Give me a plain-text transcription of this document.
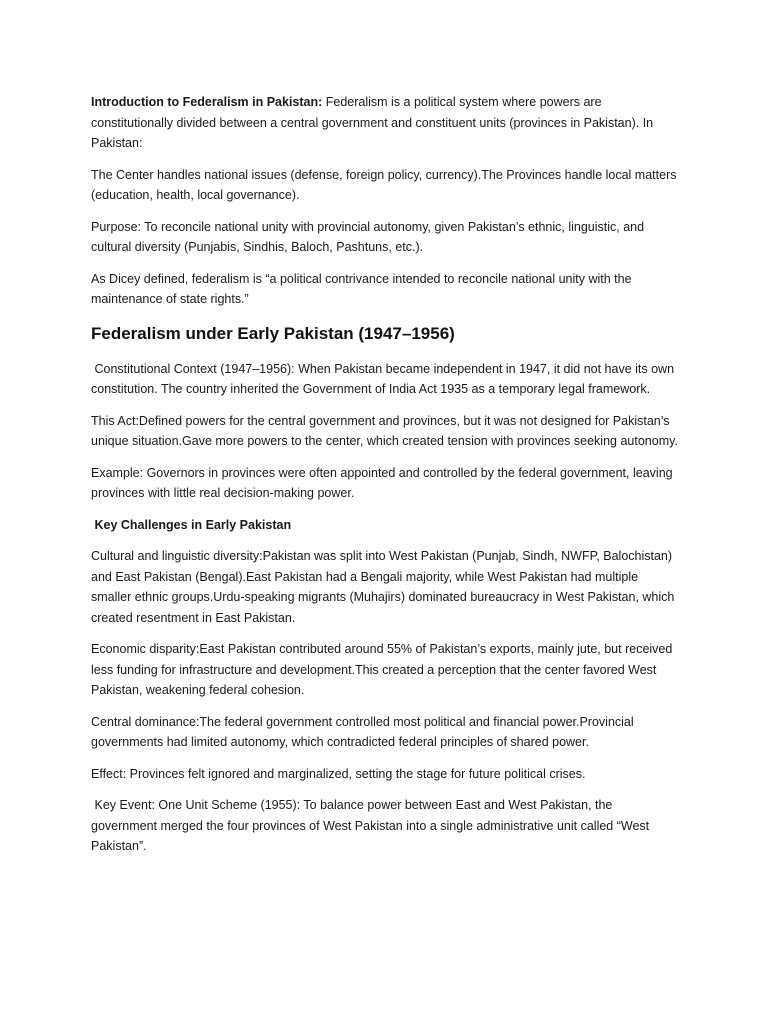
Introduction to Federalism in Pakistan: Federalism is a political system where powers are constitutionally divided between a central government and constituent units (provinces in Pakistan). In Pakistan:

The Center handles national issues (defense, foreign policy, currency).The Provinces handle local matters (education, health, local governance).

Purpose: To reconcile national unity with provincial autonomy, given Pakistan’s ethnic, linguistic, and cultural diversity (Punjabis, Sindhis, Baloch, Pashtuns, etc.).

As Dicey defined, federalism is “a political contrivance intended to reconcile national unity with the maintenance of state rights.”

Federalism under Early Pakistan (1947–1956)

Constitutional Context (1947–1956): When Pakistan became independent in 1947, it did not have its own constitution. The country inherited the Government of India Act 1935 as a temporary legal framework.

This Act:Defined powers for the central government and provinces, but it was not designed for Pakistan’s unique situation.Gave more powers to the center, which created tension with provinces seeking autonomy.

Example: Governors in provinces were often appointed and controlled by the federal government, leaving provinces with little real decision-making power.

Key Challenges in Early Pakistan

Cultural and linguistic diversity:Pakistan was split into West Pakistan (Punjab, Sindh, NWFP, Balochistan) and East Pakistan (Bengal).East Pakistan had a Bengali majority, while West Pakistan had multiple smaller ethnic groups.Urdu-speaking migrants (Muhajirs) dominated bureaucracy in West Pakistan, which created resentment in East Pakistan.

Economic disparity:East Pakistan contributed around 55% of Pakistan’s exports, mainly jute, but received less funding for infrastructure and development.This created a perception that the center favored West Pakistan, weakening federal cohesion.

Central dominance:The federal government controlled most political and financial power.Provincial governments had limited autonomy, which contradicted federal principles of shared power.

Effect: Provinces felt ignored and marginalized, setting the stage for future political crises.

Key Event: One Unit Scheme (1955): To balance power between East and West Pakistan, the government merged the four provinces of West Pakistan into a single administrative unit called “West Pakistan”.
